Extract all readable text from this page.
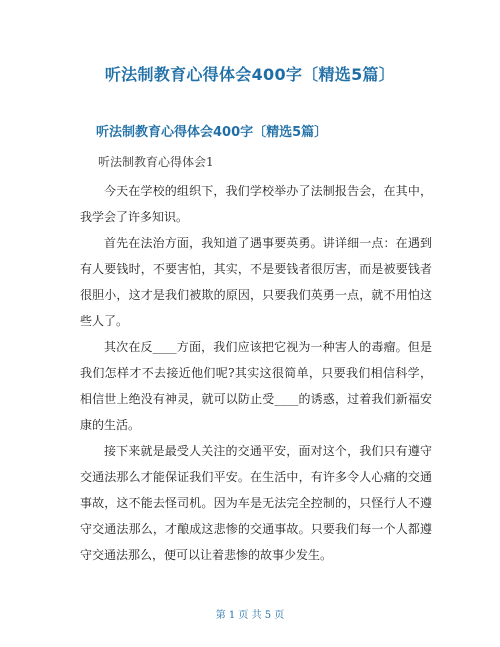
听法制教育心得体会400字〔精选5篇〕
听法制教育心得体会400字〔精选5篇〕
听法制教育心得体会1

今天在学校的组织下，我们学校举办了法制报告会，在其中，我学会了许多知识。

首先在法治方面，我知道了遇事要英勇。讲详细一点：在遇到有人要钱时，不要害怕，其实，不是要钱者很厉害，而是被要钱者很胆小，这才是我们被欺的原因，只要我们英勇一点，就不用怕这些人了。

其次在反____方面，我们应该把它视为一种害人的毒瘤。但是我们怎样才不去接近他们呢?其实这很简单，只要我们相信科学，相信世上绝没有神灵，就可以防止受____的诱惑，过着我们新福安康的生活。

接下来就是最受人关注的交通平安，面对这个，我们只有遵守交通法那么才能保证我们平安。在生活中，有许多令人心痛的交通事故，这不能去怪司机。因为车是无法完全控制的，只怪行人不遵守交通法那么，才酿成这悲惨的交通事故。只要我们每一个人都遵守交通法那么，便可以让着悲惨的故事少发生。

第 1 页 共 5 页
